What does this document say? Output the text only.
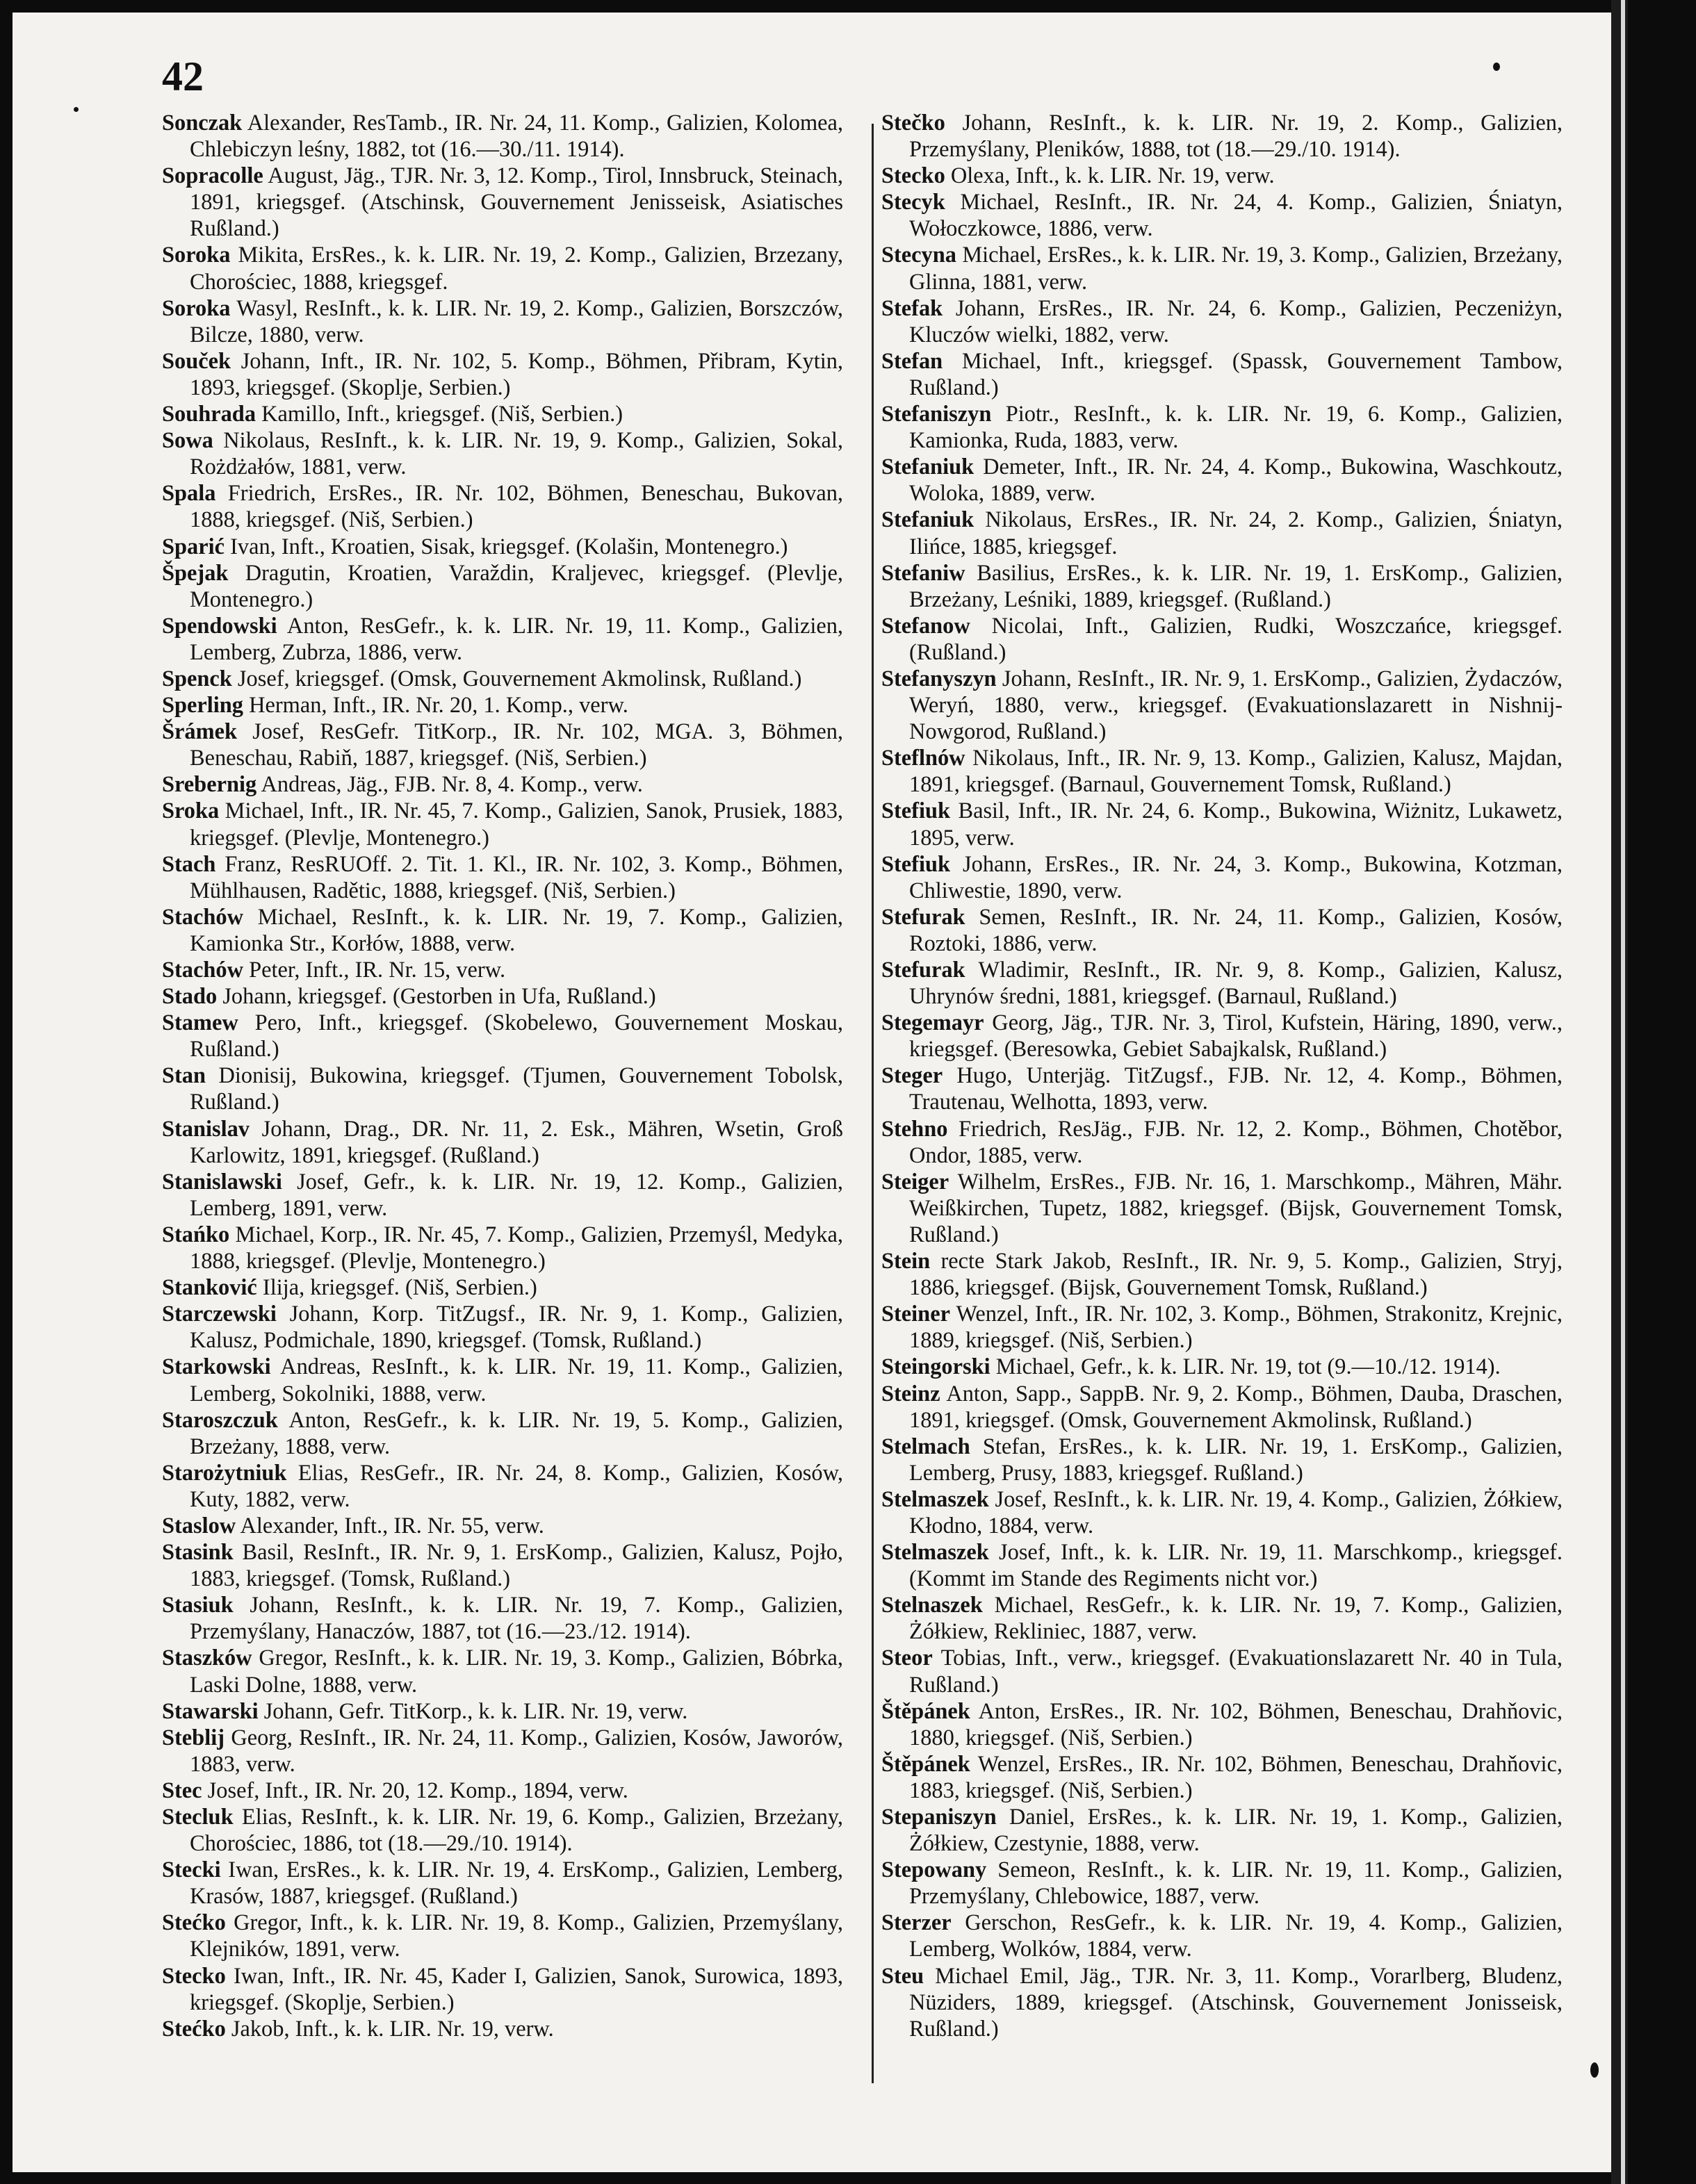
42

Sonczak Alexander, ResTamb., IR. Nr. 24, 11. Komp., Galizien, Kolomea, Chlebiczyn leśny, 1882, tot (16.—30./11. 1914).

Sopracolle August, Jäg., TJR. Nr. 3, 12. Komp., Tirol, Innsbruck, Steinach, 1891, kriegsgef. (Atschinsk, Gouvernement Jenisseisk, Asiatisches Rußland.)

Soroka Mikita, ErsRes., k. k. LIR. Nr. 19, 2. Komp., Galizien, Brzezany, Chorościec, 1888, kriegsgef.

Soroka Wasyl, ResInft., k. k. LIR. Nr. 19, 2. Komp., Galizien, Borszczów, Bilcze, 1880, verw.

Souček Johann, Inft., IR. Nr. 102, 5. Komp., Böhmen, Přibram, Kytin, 1893, kriegsgef. (Skoplje, Serbien.)

Souhrada Kamillo, Inft., kriegsgef. (Niš, Serbien.)

Sowa Nikolaus, ResInft., k. k. LIR. Nr. 19, 9. Komp., Galizien, Sokal, Rożdżałów, 1881, verw.

Spala Friedrich, ErsRes., IR. Nr. 102, Böhmen, Beneschau, Bukovan, 1888, kriegsgef. (Niš, Serbien.)

Sparić Ivan, Inft., Kroatien, Sisak, kriegsgef. (Kolašin, Montenegro.)

Špejak Dragutin, Kroatien, Varaždin, Kraljevec, kriegsgef. (Plevlje, Montenegro.)

Spendowski Anton, ResGefr., k. k. LIR. Nr. 19, 11. Komp., Galizien, Lemberg, Zubrza, 1886, verw.

Spenck Josef, kriegsgef. (Omsk, Gouvernement Akmolinsk, Rußland.)

Sperling Herman, Inft., IR. Nr. 20, 1. Komp., verw.

Šrámek Josef, ResGefr. TitKorp., IR. Nr. 102, MGA. 3, Böhmen, Beneschau, Rabiň, 1887, kriegsgef. (Niš, Serbien.)

Srebernig Andreas, Jäg., FJB. Nr. 8, 4. Komp., verw.

Sroka Michael, Inft., IR. Nr. 45, 7. Komp., Galizien, Sanok, Prusiek, 1883, kriegsgef. (Plevlje, Montenegro.)

Stach Franz, ResRUOff. 2. Tit. 1. Kl., IR. Nr. 102, 3. Komp., Böhmen, Mühlhausen, Radětic, 1888, kriegsgef. (Niš, Serbien.)

Stachów Michael, ResInft., k. k. LIR. Nr. 19, 7. Komp., Galizien, Kamionka Str., Korłów, 1888, verw.

Stachów Peter, Inft., IR. Nr. 15, verw.

Stado Johann, kriegsgef. (Gestorben in Ufa, Rußland.)

Stamew Pero, Inft., kriegsgef. (Skobelewo, Gouvernement Moskau, Rußland.)

Stan Dionisij, Bukowina, kriegsgef. (Tjumen, Gouvernement Tobolsk, Rußland.)

Stanislav Johann, Drag., DR. Nr. 11, 2. Esk., Mähren, Wsetin, Groß Karlowitz, 1891, kriegsgef. (Rußland.)

Stanislawski Josef, Gefr., k. k. LIR. Nr. 19, 12. Komp., Galizien, Lemberg, 1891, verw.

Stańko Michael, Korp., IR. Nr. 45, 7. Komp., Galizien, Przemyśl, Medyka, 1888, kriegsgef. (Plevlje, Montenegro.)

Stanković Ilija, kriegsgef. (Niš, Serbien.)

Starczewski Johann, Korp. TitZugsf., IR. Nr. 9, 1. Komp., Galizien, Kalusz, Podmichale, 1890, kriegsgef. (Tomsk, Rußland.)

Starkowski Andreas, ResInft., k. k. LIR. Nr. 19, 11. Komp., Galizien, Lemberg, Sokolniki, 1888, verw.

Staroszczuk Anton, ResGefr., k. k. LIR. Nr. 19, 5. Komp., Galizien, Brzeżany, 1888, verw.

Starożytniuk Elias, ResGefr., IR. Nr. 24, 8. Komp., Galizien, Kosów, Kuty, 1882, verw.

Staslow Alexander, Inft., IR. Nr. 55, verw.

Stasink Basil, ResInft., IR. Nr. 9, 1. ErsKomp., Galizien, Kalusz, Pojło, 1883, kriegsgef. (Tomsk, Rußland.)

Stasiuk Johann, ResInft., k. k. LIR. Nr. 19, 7. Komp., Galizien, Przemyślany, Hanaczów, 1887, tot (16.—23./12. 1914).

Staszków Gregor, ResInft., k. k. LIR. Nr. 19, 3. Komp., Galizien, Bóbrka, Laski Dolne, 1888, verw.

Stawarski Johann, Gefr. TitKorp., k. k. LIR. Nr. 19, verw.

Steblij Georg, ResInft., IR. Nr. 24, 11. Komp., Galizien, Kosów, Jaworów, 1883, verw.

Stec Josef, Inft., IR. Nr. 20, 12. Komp., 1894, verw.

Stecluk Elias, ResInft., k. k. LIR. Nr. 19, 6. Komp., Galizien, Brzeżany, Chorościec, 1886, tot (18.—29./10. 1914).

Stecki Iwan, ErsRes., k. k. LIR. Nr. 19, 4. ErsKomp., Galizien, Lemberg, Krasów, 1887, kriegsgef. (Rußland.)

Stećko Gregor, Inft., k. k. LIR. Nr. 19, 8. Komp., Galizien, Przemyślany, Klejników, 1891, verw.

Stecko Iwan, Inft., IR. Nr. 45, Kader I, Galizien, Sanok, Surowica, 1893, kriegsgef. (Skoplje, Serbien.)

Stećko Jakob, Inft., k. k. LIR. Nr. 19, verw.

Stečko Johann, ResInft., k. k. LIR. Nr. 19, 2. Komp., Galizien, Przemyślany, Pleników, 1888, tot (18.—29./10. 1914).

Stecko Olexa, Inft., k. k. LIR. Nr. 19, verw.

Stecyk Michael, ResInft., IR. Nr. 24, 4. Komp., Galizien, Śniatyn, Wołoczkowce, 1886, verw.

Stecyna Michael, ErsRes., k. k. LIR. Nr. 19, 3. Komp., Galizien, Brzeżany, Glinna, 1881, verw.

Stefak Johann, ErsRes., IR. Nr. 24, 6. Komp., Galizien, Peczeniżyn, Kluczów wielki, 1882, verw.

Stefan Michael, Inft., kriegsgef. (Spassk, Gouvernement Tambow, Rußland.)

Stefaniszyn Piotr., ResInft., k. k. LIR. Nr. 19, 6. Komp., Galizien, Kamionka, Ruda, 1883, verw.

Stefaniuk Demeter, Inft., IR. Nr. 24, 4. Komp., Bukowina, Waschkoutz, Woloka, 1889, verw.

Stefaniuk Nikolaus, ErsRes., IR. Nr. 24, 2. Komp., Galizien, Śniatyn, Ilińce, 1885, kriegsgef.

Stefaniw Basilius, ErsRes., k. k. LIR. Nr. 19, 1. ErsKomp., Galizien, Brzeżany, Leśniki, 1889, kriegsgef. (Rußland.)

Stefanow Nicolai, Inft., Galizien, Rudki, Woszczańce, kriegsgef. (Rußland.)

Stefanyszyn Johann, ResInft., IR. Nr. 9, 1. ErsKomp., Galizien, Żydaczów, Weryń, 1880, verw., kriegsgef. (Evakuationslazarett in Nishnij-Nowgorod, Rußland.)

Steflnów Nikolaus, Inft., IR. Nr. 9, 13. Komp., Galizien, Kalusz, Majdan, 1891, kriegsgef. (Barnaul, Gouvernement Tomsk, Rußland.)

Stefiuk Basil, Inft., IR. Nr. 24, 6. Komp., Bukowina, Wiżnitz, Lukawetz, 1895, verw.

Stefiuk Johann, ErsRes., IR. Nr. 24, 3. Komp., Bukowina, Kotzman, Chliwestie, 1890, verw.

Stefurak Semen, ResInft., IR. Nr. 24, 11. Komp., Galizien, Kosów, Roztoki, 1886, verw.

Stefurak Wladimir, ResInft., IR. Nr. 9, 8. Komp., Galizien, Kalusz, Uhrynów średni, 1881, kriegsgef. (Barnaul, Rußland.)

Stegemayr Georg, Jäg., TJR. Nr. 3, Tirol, Kufstein, Häring, 1890, verw., kriegsgef. (Beresowka, Gebiet Sabajkalsk, Rußland.)

Steger Hugo, Unterjäg. TitZugsf., FJB. Nr. 12, 4. Komp., Böhmen, Trautenau, Welhotta, 1893, verw.

Stehno Friedrich, ResJäg., FJB. Nr. 12, 2. Komp., Böhmen, Chotěbor, Ondor, 1885, verw.

Steiger Wilhelm, ErsRes., FJB. Nr. 16, 1. Marschkomp., Mähren, Mähr. Weißkirchen, Tupetz, 1882, kriegsgef. (Bijsk, Gouvernement Tomsk, Rußland.)

Stein recte Stark Jakob, ResInft., IR. Nr. 9, 5. Komp., Galizien, Stryj, 1886, kriegsgef. (Bijsk, Gouvernement Tomsk, Rußland.)

Steiner Wenzel, Inft., IR. Nr. 102, 3. Komp., Böhmen, Strakonitz, Krejnic, 1889, kriegsgef. (Niš, Serbien.)

Steingorski Michael, Gefr., k. k. LIR. Nr. 19, tot (9.—10./12. 1914).

Steinz Anton, Sapp., SappB. Nr. 9, 2. Komp., Böhmen, Dauba, Draschen, 1891, kriegsgef. (Omsk, Gouvernement Akmolinsk, Rußland.)

Stelmach Stefan, ErsRes., k. k. LIR. Nr. 19, 1. ErsKomp., Galizien, Lemberg, Prusy, 1883, kriegsgef. Rußland.)

Stelmaszek Josef, ResInft., k. k. LIR. Nr. 19, 4. Komp., Galizien, Żółkiew, Kłodno, 1884, verw.

Stelmaszek Josef, Inft., k. k. LIR. Nr. 19, 11. Marschkomp., kriegsgef. (Kommt im Stande des Regiments nicht vor.)

Stelnaszek Michael, ResGefr., k. k. LIR. Nr. 19, 7. Komp., Galizien, Żółkiew, Rekliniec, 1887, verw.

Steor Tobias, Inft., verw., kriegsgef. (Evakuationslazarett Nr. 40 in Tula, Rußland.)

Štěpánek Anton, ErsRes., IR. Nr. 102, Böhmen, Beneschau, Drahňovic, 1880, kriegsgef. (Niš, Serbien.)

Štěpánek Wenzel, ErsRes., IR. Nr. 102, Böhmen, Beneschau, Drahňovic, 1883, kriegsgef. (Niš, Serbien.)

Stepaniszyn Daniel, ErsRes., k. k. LIR. Nr. 19, 1. Komp., Galizien, Żółkiew, Czestynie, 1888, verw.

Stepowany Semeon, ResInft., k. k. LIR. Nr. 19, 11. Komp., Galizien, Przemyślany, Chlebowice, 1887, verw.

Sterzer Gerschon, ResGefr., k. k. LIR. Nr. 19, 4. Komp., Galizien, Lemberg, Wolków, 1884, verw.

Steu Michael Emil, Jäg., TJR. Nr. 3, 11. Komp., Vorarlberg, Bludenz, Nüziders, 1889, kriegsgef. (Atschinsk, Gouvernement Jonisseisk, Rußland.)
